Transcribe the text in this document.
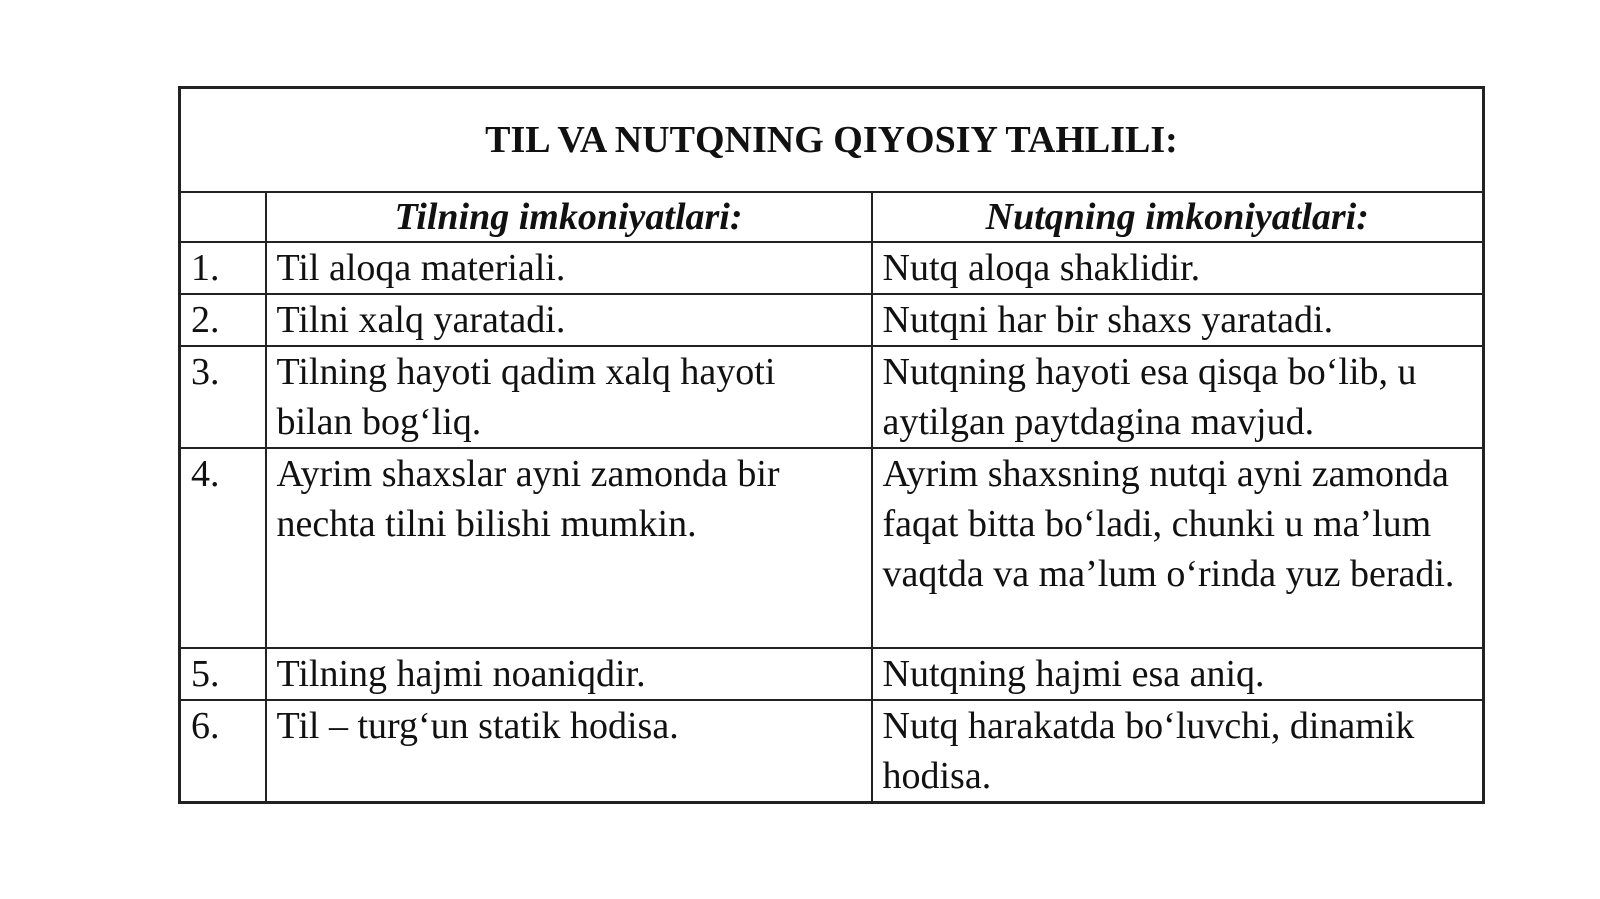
TIL VA NUTQNING QIYOSIY TAHLILI:		
	Tilning imkoniyatlari:	Nutqning imkoniyatlari:
1.	Til aloqa materiali.	Nutq aloqa shaklidir.
2.	Tilni xalq yaratadi.	Nutqni har bir shaxs yaratadi.
3.	Tilning hayoti qadim xalq hayoti bilan bog‘liq.	Nutqning hayoti esa qisqa bo‘lib, u aytilgan paytdagina mavjud.
4.	Ayrim shaxslar ayni zamonda bir nechta tilni bilishi mumkin.	Ayrim shaxsning nutqi ayni zamonda faqat bitta bo‘ladi, chunki u ma’lum vaqtda va ma’lum o‘rinda yuz beradi.
5.	Tilning hajmi noaniqdir.	Nutqning hajmi esa aniq.
6.	Til – turg‘un statik hodisa.	Nutq harakatda bo‘luvchi, dinamik hodisa.
